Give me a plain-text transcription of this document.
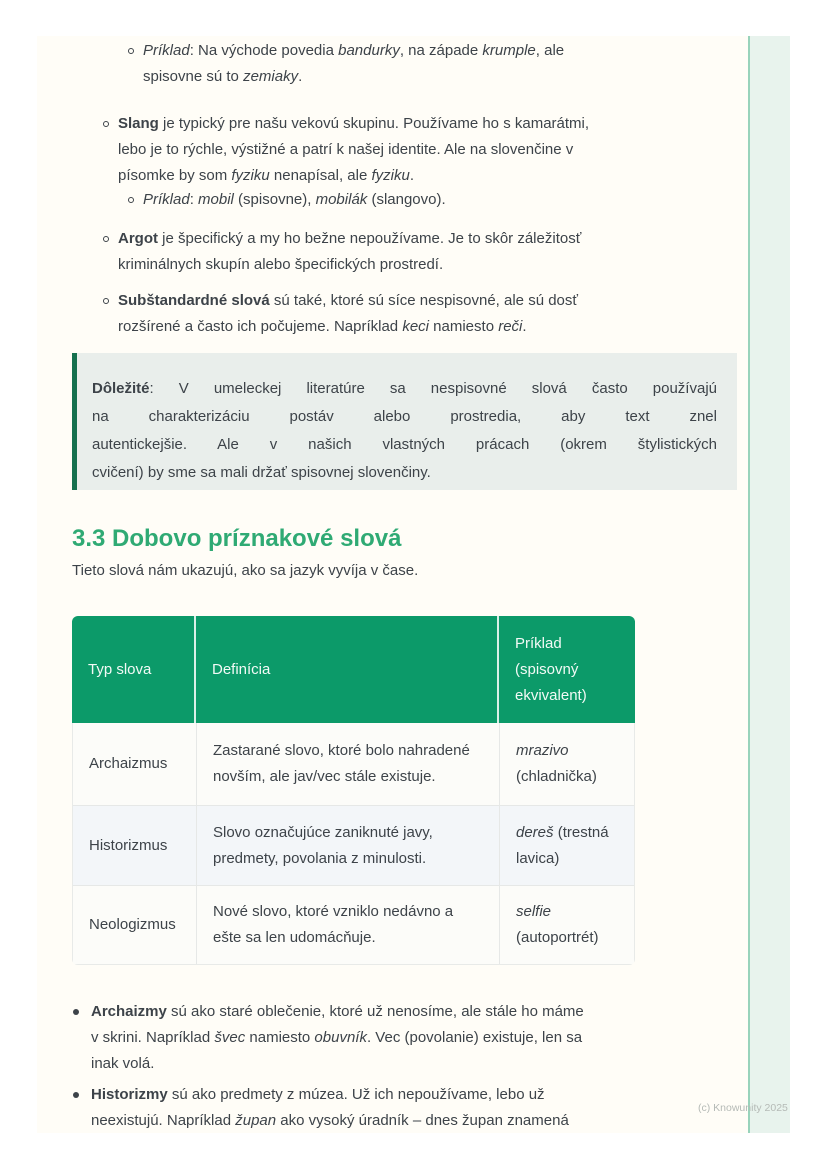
Príklad: Na východe povedia bandurky, na západe krumple, ale
spisovne sú to zemiaky.
Slang je typický pre našu vekovú skupinu. Používame ho s kamarátmi,
lebo je to rýchle, výstižné a patrí k našej identite. Ale na slovenčine v
písomke by som fyziku nenapísal, ale fyziku.
Príklad: mobil (spisovne), mobilák (slangovo).
Argot je špecifický a my ho bežne nepoužívame. Je to skôr záležitosť
kriminálnych skupín alebo špecifických prostredí.
Subštandardné slová sú také, ktoré sú síce nespisovné, ale sú dosť
rozšírené a často ich počujeme. Napríklad keci namiesto reči.
Dôležité: V umeleckej literatúre sa nespisovné slová často používajú
na charakterizáciu postáv alebo prostredia, aby text znel
autentickejšie. Ale v našich vlastných prácach (okrem štylistických
cvičení) by sme sa mali držať spisovnej slovenčiny.
3.3 Dobovo príznakové slová
Tieto slová nám ukazujú, ako sa jazyk vyvíja v čase.
Typ slova	Definícia
Príklad (spisovný ekvivalent)
Archaizmus
Zastarané slovo, ktoré bolo nahradené
novším, ale jav/vec stále existuje.
mrazivo
(chladnička)
Historizmus
Slovo označujúce zaniknuté javy,
predmety, povolania z minulosti.
dereš (trestná
lavica)
Neologizmus
Nové slovo, ktoré vzniklo nedávno a
ešte sa len udomácňuje.
selfie
(autoportrét)
Archaizmy sú ako staré oblečenie, ktoré už nenosíme, ale stále ho máme
v skrini. Napríklad švec namiesto obuvník. Vec (povolanie) existuje, len sa
inak volá.
Historizmy sú ako predmety z múzea. Už ich nepoužívame, lebo už
neexistujú. Napríklad župan ako vysoký úradník – dnes župan znamená
(c) Knowunity 2025
